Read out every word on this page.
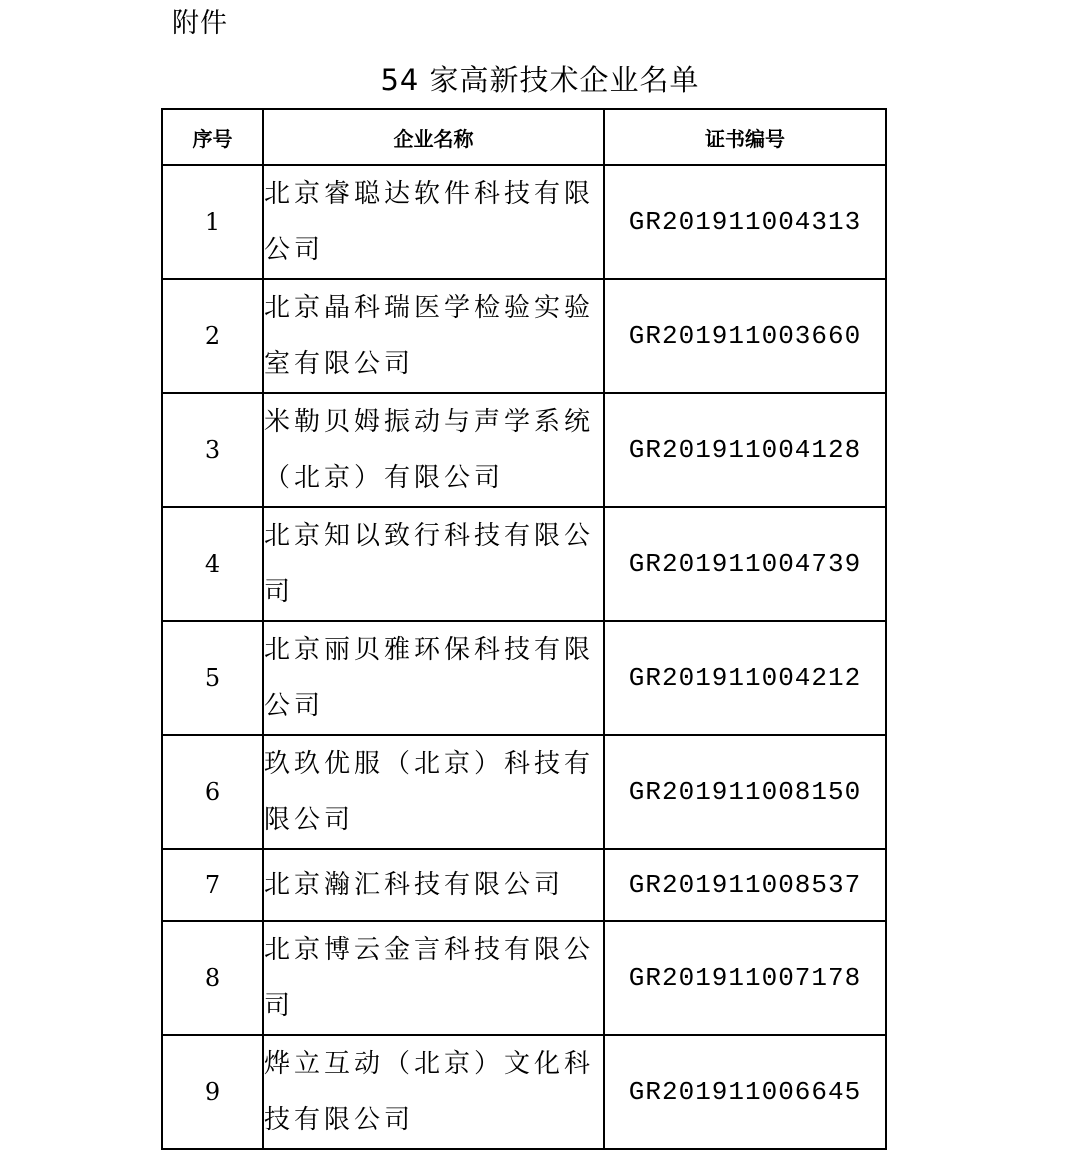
附件
54 家高新技术企业名单
序号	企业名称	证书编号
1	北京睿聪达软件科技有限公司	GR201911004313
2	北京晶科瑞医学检验实验室有限公司	GR201911003660
3	米勒贝姆振动与声学系统（北京）有限公司	GR201911004128
4	北京知以致行科技有限公司	GR201911004739
5	北京丽贝雅环保科技有限公司	GR201911004212
6	玖玖优服（北京）科技有限公司	GR201911008150
7	北京瀚汇科技有限公司	GR201911008537
8	北京博云金言科技有限公司	GR201911007178
9	烨立互动（北京）文化科技有限公司	GR201911006645
